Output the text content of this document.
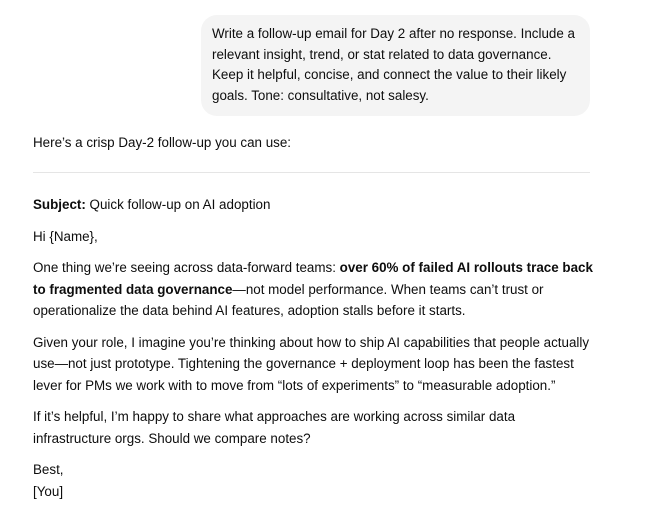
Write a follow-up email for Day 2 after no response. Include a relevant insight, trend, or stat related to data governance. Keep it helpful, concise, and connect the value to their likely goals. Tone: consultative, not salesy.

Here’s a crisp Day-2 follow-up you can use:

Subject: Quick follow-up on AI adoption

Hi {Name},

One thing we’re seeing across data-forward teams: over 60% of failed AI rollouts trace back to fragmented data governance—not model performance. When teams can’t trust or operationalize the data behind AI features, adoption stalls before it starts.

Given your role, I imagine you’re thinking about how to ship AI capabilities that people actually use—not just prototype. Tightening the governance + deployment loop has been the fastest lever for PMs we work with to move from “lots of experiments” to “measurable adoption.”

If it’s helpful, I’m happy to share what approaches are working across similar data infrastructure orgs. Should we compare notes?

Best,

[You]
